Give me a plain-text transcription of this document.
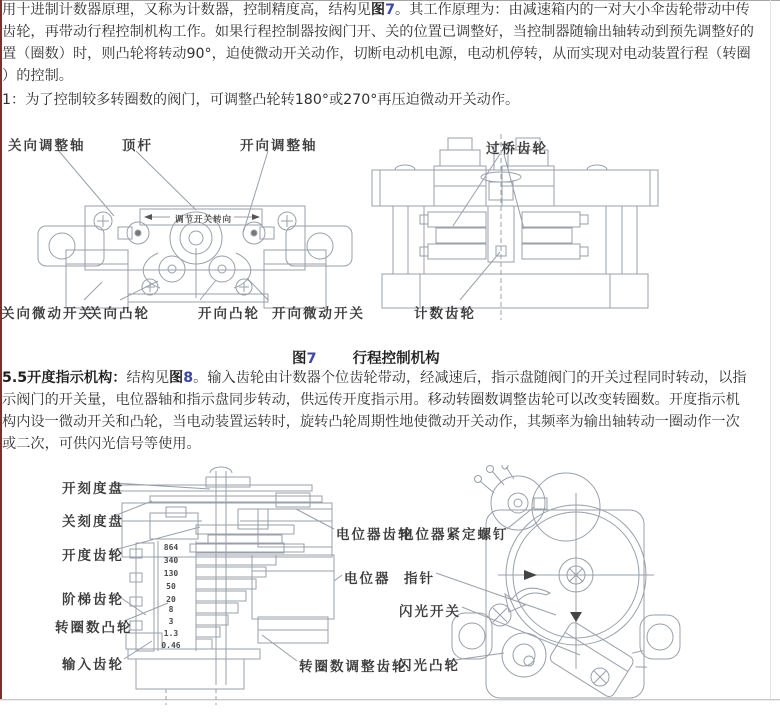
用十进制计数器原理，又称为计数器，控制精度高，结构见图7。其工作原理为：由减速箱内的一对大小伞齿轮带动中传
齿轮，再带动行程控制机构工作。如果行程控制器按阀门开、关的位置已调整好，当控制器随输出轴转动到预先调整好的
置（圈数）时，则凸轮将转动90°，迫使微动开关动作，切断电动机电源，电动机停转，从而实现对电动装置行程（转圈
）的控制。
1：为了控制较多转圈数的阀门，可调整凸轮转180°或270°再压迫微动开关动作。
关向调整轴	顶杆	开向调整轴	过桥齿轮
调节开关转向
关向微动开关
关向凸轮	开向凸轮 开向微动开关	计数齿轮
图7 行程控制机构
5.5开度指示机构：结构见图8。输入齿轮由计数器个位齿轮带动，经减速后，指示盘随阀门的开关过程同时转动，以指
示阀门的开关量，电位器轴和指示盘同步转动，供远传开度指示用。移动转圈数调整齿轮可以改变转圈数。开度指示机
构内设一微动开关和凸轮，当电动装置运转时，旋转凸轮周期性地使微动开关动作，其频率为输出轴转动一圈动作一次
或二次，可供闪光信号等使用。
开刻度盘
关刻度盘
开度齿轮
阶梯齿轮
转圈数凸轮
输入齿轮
电位器齿轮
电位器
转圈数调整齿轮
电位器紧定螺钉
指针
闪光开关
闪光凸轮
864
340
130
50
20
8
3
1.3
0.46
